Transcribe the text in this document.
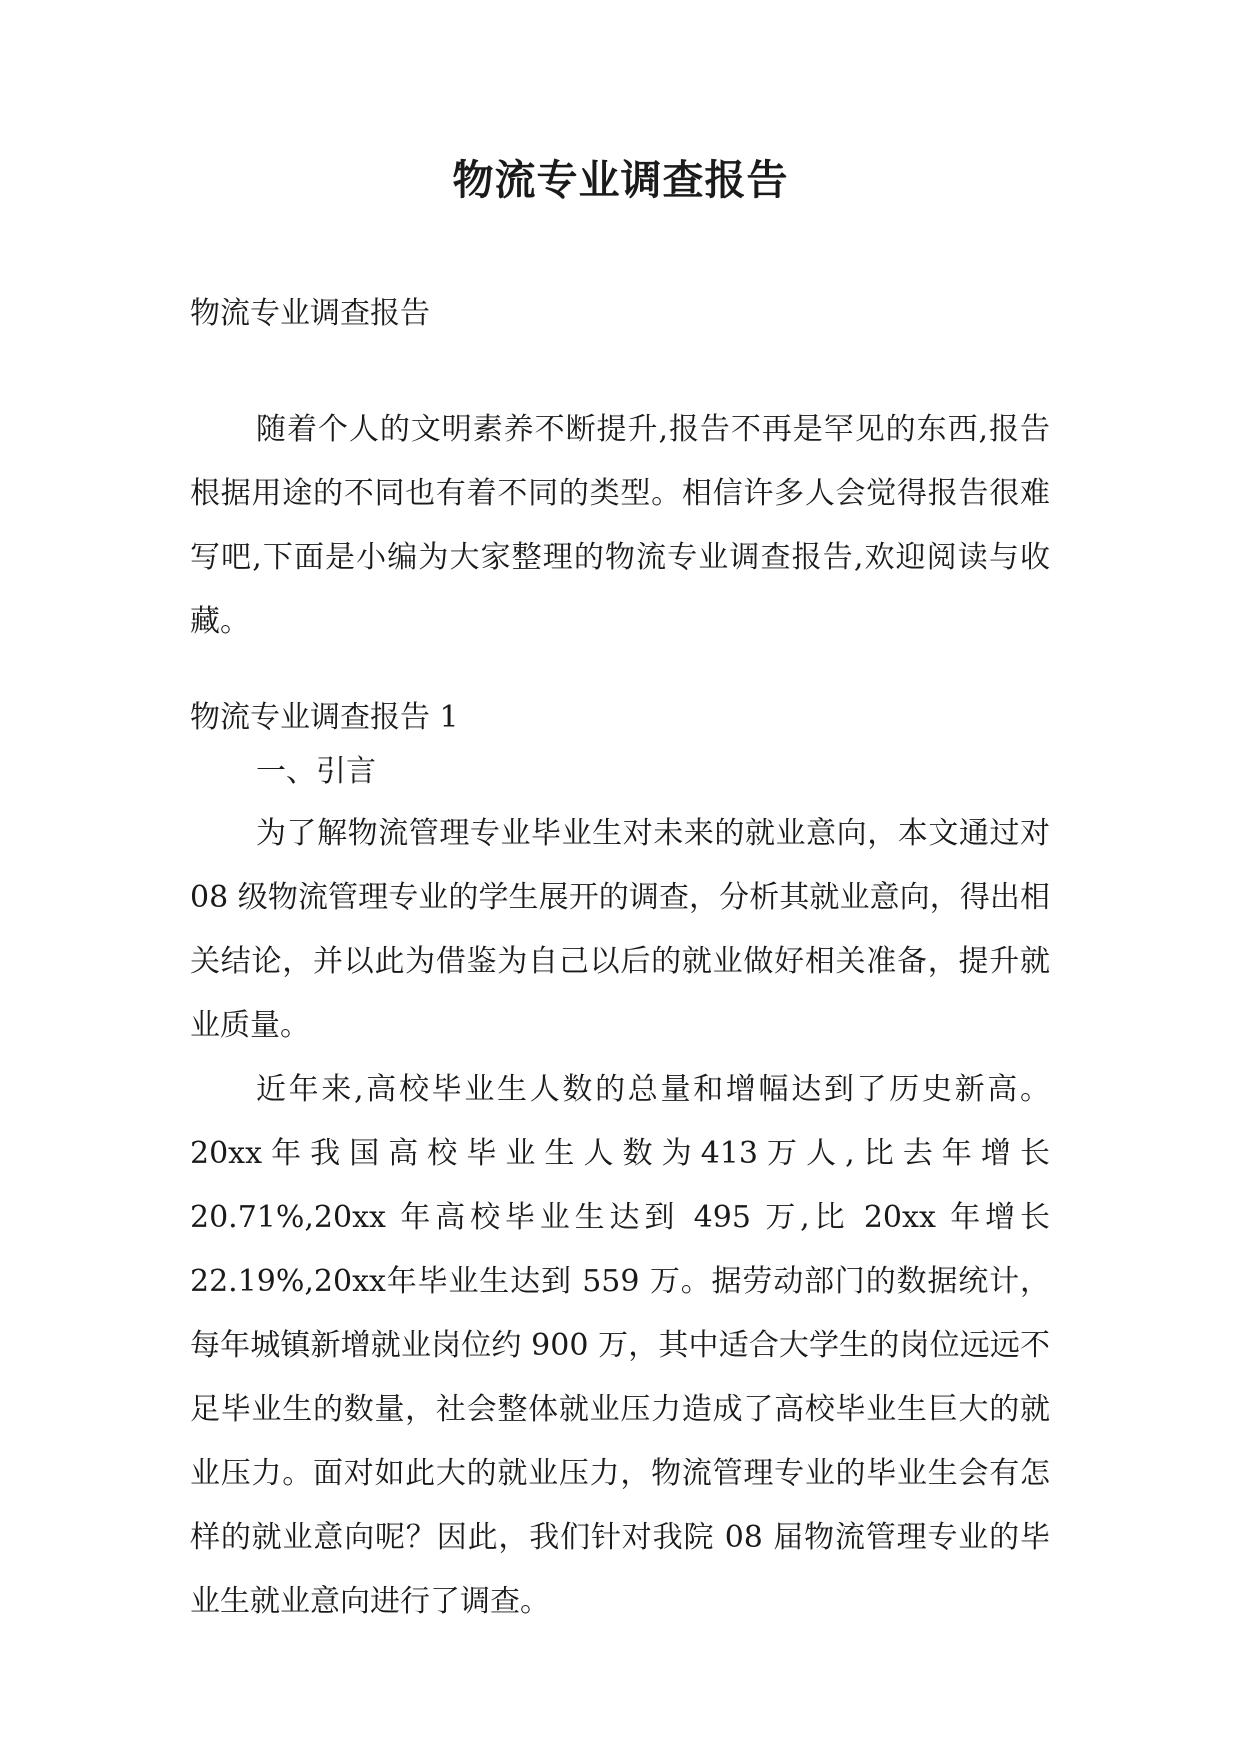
物流专业调查报告
物流专业调查报告
随着个人的文明素养不断提升,报告不再是罕见的东西,报告根据用途的不同也有着不同的类型。相信许多人会觉得报告很难写吧,下面是小编为大家整理的物流专业调查报告,欢迎阅读与收藏。
物流专业调查报告 1
一、引言
为了解物流管理专业毕业生对未来的就业意向，本文通过对 08 级物流管理专业的学生展开的调查，分析其就业意向，得出相关结论，并以此为借鉴为自己以后的就业做好相关准备，提升就业质量。
近年来,高校毕业生人数的总量和增幅达到了历史新高。20xx年我国高校毕业生人数为413万人,比去年增长20.71%,20xx 年高校毕业生达到 495 万,比 20xx 年增长 22.19%,20xx年毕业生达到 559 万。据劳动部门的数据统计，每年城镇新增就业岗位约 900 万，其中适合大学生的岗位远远不足毕业生的数量，社会整体就业压力造成了高校毕业生巨大的就业压力。面对如此大的就业压力，物流管理专业的毕业生会有怎样的就业意向呢？因此，我们针对我院 08 届物流管理专业的毕业生就业意向进行了调查。
